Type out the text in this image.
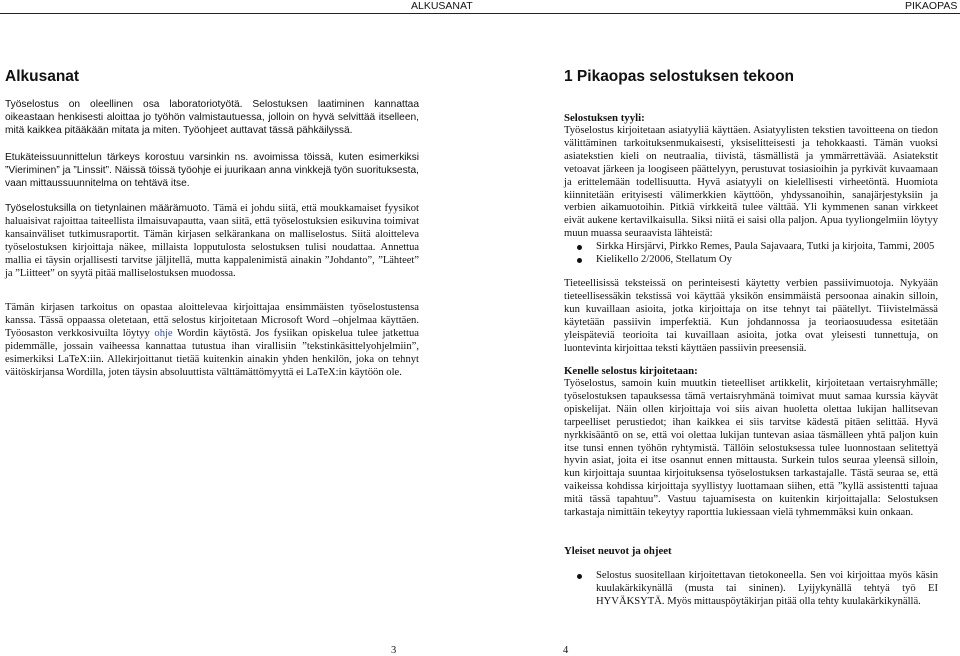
ALKUSANAT
Alkusanat

Työselostus on oleellinen osa laboratoriotyötä. Selostuksen laatiminen kannattaa oikeastaan henkisesti aloittaa jo työhön valmistautuessa, jolloin on hyvä selvittää itselleen, mitä kaikkea pitääkään mitata ja miten. Työohjeet auttavat tässä pähkäilyssä.

Etukäteissuunnittelun tärkeys korostuu varsinkin ns. avoimissa töissä, kuten esimerkiksi ”Vieriminen” ja ”Linssit”. Näissä töissä työohje ei juurikaan anna vinkkejä työn suorituksesta, vaan mittaussuunnitelma on tehtävä itse.

Työselostuksilla on tietynlainen määrämuoto. Tämä ei johdu siitä, että moukkamaiset fyysikot haluaisivat rajoittaa taiteellista ilmaisuvapautta, vaan siitä, että työselostuksien esikuvina toimivat kansainväliset tutkimusraportit. Tämän kirjasen selkärankana on malliselostus. Siitä aloitteleva työselostuksen kirjoittaja näkee, millaista lopputulosta selostuksen tulisi noudattaa. Annettua mallia ei täysin orjallisesti tarvitse jäljitellä, mutta kappalenimistä ainakin ”Johdanto”, ”Lähteet” ja ”Liitteet” on syytä pitää malliselostuksen muodossa.

Tämän kirjasen tarkoitus on opastaa aloittelevaa kirjoittajaa ensimmäisten työselostustensa kanssa. Tässä oppaassa oletetaan, että selostus kirjoitetaan Microsoft Word –ohjelmaa käyttäen. Työosaston verkkosivuilta löytyy ohje Wordin käytöstä. Jos fysiikan opiskelua tulee jatkettua pidemmälle, jossain vaiheessa kannattaa tutustua ihan virallisiin ”tekstinkäsittelyohjelmiin”, esimerkiksi LaTeX:iin. Allekirjoittanut tietää kuitenkin ainakin yhden henkilön, joka on tehnyt väitöskirjansa Wordilla, joten täysin absoluuttista välttämättömyyttä ei LaTeX:in käytöön ole.

3
PIKAOPAS
1 Pikaopas selostuksen tekoon
Selostuksen tyyli:

Työselostus kirjoitetaan asiatyyliä käyttäen. Asiatyylisten tekstien tavoitteena on tiedon välittäminen tarkoituksenmukaisesti, yksiselitteisesti ja tehokkaasti. Tämän vuoksi asiatekstien kieli on neutraalia, tiivistä, täsmällistä ja ymmärrettävää. Asiatekstit vetoavat järkeen ja loogiseen päättelyyn, perustuvat tosiasioihin ja pyrkivät kuvaamaan ja erittelemään todellisuutta. Hyvä asiatyyli on kielellisesti virheetöntä. Huomiota kiinnitetään erityisesti välimerkkien käyttöön, yhdyssanoihin, sanajärjestyksiin ja verbien aikamuotoihin. Pitkiä virkkeitä tulee välttää. Yli kymmenen sanan virkkeet eivät aukene kertavilkaisulla. Siksi niitä ei saisi olla paljon. Apua tyyliongelmiin löytyy muun muassa seuraavista lähteistä:

Sirkka Hirsjärvi, Pirkko Remes, Paula Sajavaara, Tutki ja kirjoita, Tammi, 2005
Kielikello 2/2006, Stellatum Oy

Tieteellisissä teksteissä on perinteisesti käytetty verbien passiivimuotoja. Nykyään tieteellisessäkin tekstissä voi käyttää yksikön ensimmäistä persoonaa ainakin silloin, kun kuvaillaan asioita, jotka kirjoittaja on itse tehnyt tai päätellyt. Tiivistelmässä käytetään passiivin imperfektiä. Kun johdannossa ja teoriaosuudessa esitetään yleispäteviä teorioita tai kuvaillaan asioita, jotka ovat yleisesti tunnettuja, on luontevinta kirjoittaa teksti käyttäen passiivin preesensiä.

Kenelle selostus kirjoitetaan:

Työselostus, samoin kuin muutkin tieteelliset artikkelit, kirjoitetaan vertaisryhmälle; työselostuksen tapauksessa tämä vertaisryhmänä toimivat muut samaa kurssia käyvät opiskelijat. Näin ollen kirjoittaja voi siis aivan huoletta olettaa lukijan hallitsevan tarpeelliset perustiedot; ihan kaikkea ei siis tarvitse kädestä pitäen selittää. Hyvä nyrkkisääntö on se, että voi olettaa lukijan tuntevan asiaa täsmälleen yhtä paljon kuin itse tunsi ennen työhön ryhtymistä. Tällöin selostuksessa tulee luonnostaan selitettyä hyvin asiat, joita ei itse osannut ennen mittausta. Surkein tulos seuraa yleensä silloin, kun kirjoittaja suuntaa kirjoituksensa työselostuksen tarkastajalle. Tästä seuraa se, että vaikeissa kohdissa kirjoittaja syyllistyy luottamaan siihen, että ”kyllä assistentti tajuaa mitä tässä tapahtuu”. Vastuu tajuamisesta on kuitenkin kirjoittajalla: Selostuksen tarkastaja nimittäin tekeytyy raporttia lukiessaan vielä tyhmemmäksi kuin onkaan.

Yleiset neuvot ja ohjeet
Selostus suositellaan kirjoitettavan tietokoneella. Sen voi kirjoittaa myös käsin kuulakärkikynällä (musta tai sininen). Lyijykynällä tehtyä työ EI HYVÄKSYTÄ. Myös mittauspöytäkirjan pitää olla tehty kuulakärkikynällä.
4
